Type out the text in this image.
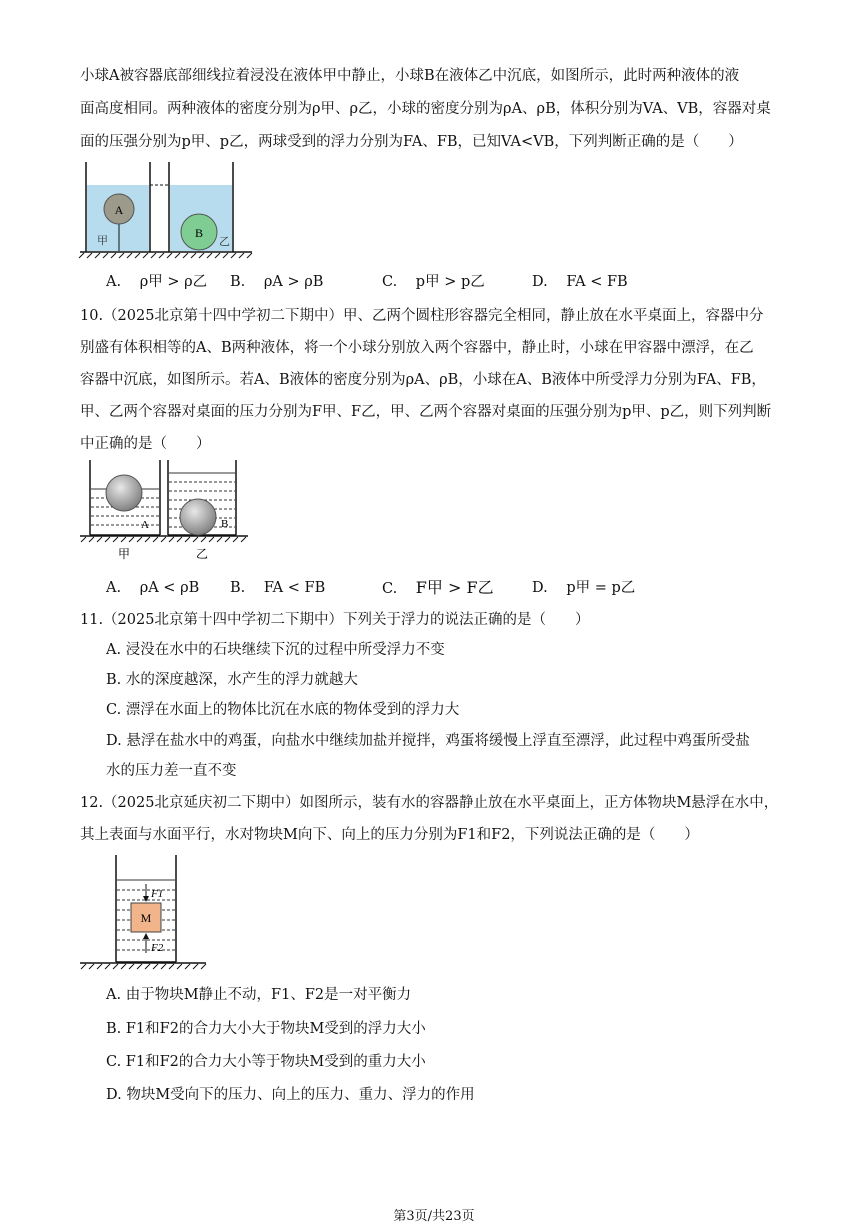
小球A被容器底部细线拉着浸没在液体甲中静止，小球B在液体乙中沉底，如图所示，此时两种液体的液
面高度相同。两种液体的密度分别为ρ甲、ρ乙，小球的密度分别为ρA、ρB，体积分别为VA、VB，容器对桌
面的压强分别为p甲、p乙，两球受到的浮力分别为FA、FB，已知VA<VB，下列判断正确的是（　　）
A
甲
B
乙
A. ρ甲 > ρ乙 B. ρA > ρB	C. p甲 > p乙	D. FA < FB
10.（2025北京第十四中学初二下期中）甲、乙两个圆柱形容器完全相同，静止放在水平桌面上，容器中分
别盛有体积相等的A、B两种液体，将一个小球分别放入两个容器中，静止时，小球在甲容器中漂浮，在乙
容器中沉底，如图所示。若A、B液体的密度分别为ρA、ρB，小球在A、B液体中所受浮力分别为FA、FB，
甲、乙两个容器对桌面的压力分别为F甲、F乙，甲、乙两个容器对桌面的压强分别为p甲、p乙，则下列判断
中正确的是（　　）
A	B
甲	乙
A. ρA < ρB B. FA < FB	C. F甲 > F乙	D. p甲 = p乙
11.（2025北京第十四中学初二下期中）下列关于浮力的说法正确的是（　　）
A. 浸没在水中的石块继续下沉的过程中所受浮力不变
B. 水的深度越深，水产生的浮力就越大
C. 漂浮在水面上的物体比沉在水底的物体受到的浮力大
D. 悬浮在盐水中的鸡蛋，向盐水中继续加盐并搅拌，鸡蛋将缓慢上浮直至漂浮，此过程中鸡蛋所受盐
水的压力差一直不变
12.（2025北京延庆初二下期中）如图所示，装有水的容器静止放在水平桌面上，正方体物块M悬浮在水中，
其上表面与水面平行，水对物块M向下、向上的压力分别为F1和F2，下列说法正确的是（　　）
M
F1
F2
A. 由于物块M静止不动，F1、F2是一对平衡力
B. F1和F2的合力大小大于物块M受到的浮力大小
C. F1和F2的合力大小等于物块M受到的重力大小
D. 物块M受向下的压力、向上的压力、重力、浮力的作用
第3页/共23页
